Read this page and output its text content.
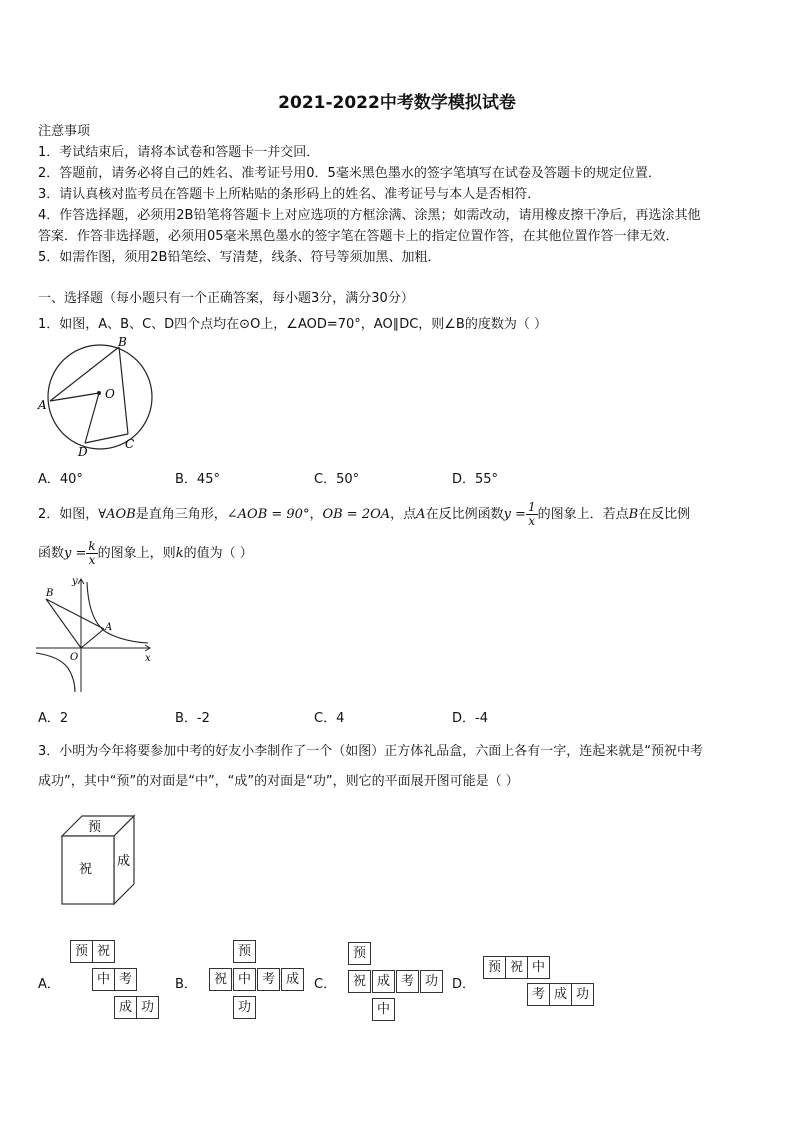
2021-2022中考数学模拟试卷
注意事项
1．考试结束后，请将本试卷和答题卡一并交回．
2．答题前，请务必将自己的姓名、准考证号用0．5毫米黑色墨水的签字笔填写在试卷及答题卡的规定位置．
3．请认真核对监考员在答题卡上所粘贴的条形码上的姓名、准考证号与本人是否相符．
4．作答选择题，必须用2B铅笔将答题卡上对应选项的方框涂满、涂黑；如需改动，请用橡皮擦干净后，再选涂其他
答案．作答非选择题，必须用05毫米黑色墨水的签字笔在答题卡上的指定位置作答，在其他位置作答一律无效．
5．如需作图，须用2B铅笔绘、写清楚，线条、符号等须加黑、加粗．
一、选择题（每小题只有一个正确答案，每小题3分，满分30分）
1．如图，A、B、C、D四个点均在⊙O上，∠AOD=70°，AO∥DC，则∠B的度数为（ ）
B
A
O
D
C
A．40°	B．45°	C．50°	D．55°
2．如图，∀AOB是直角三角形，∠AOB = 90°，OB = 2OA，点A在反比例函数$y = \frac{1}{x}$ 的图象上．若点B在反比例
函数$y = \frac{k}{x}$ 的图象上，则k的值为（ ）
B
A
O	x
y
A．2	B．-2	C．4	D．-4
3．小明为今年将要参加中考的好友小李制作了一个（如图）正方体礼品盒，六面上各有一字，连起来就是“预祝中考
成功”，其中“预”的对面是“中”，“成”的对面是“功”，则它的平面展开图可能是（ ）
预
祝
成
A．	B．	C．	D．
预 祝
中 考
成 功
预
祝 中 考 成
功
预
祝 成 考 功
中
预 祝 中
考 成 功
